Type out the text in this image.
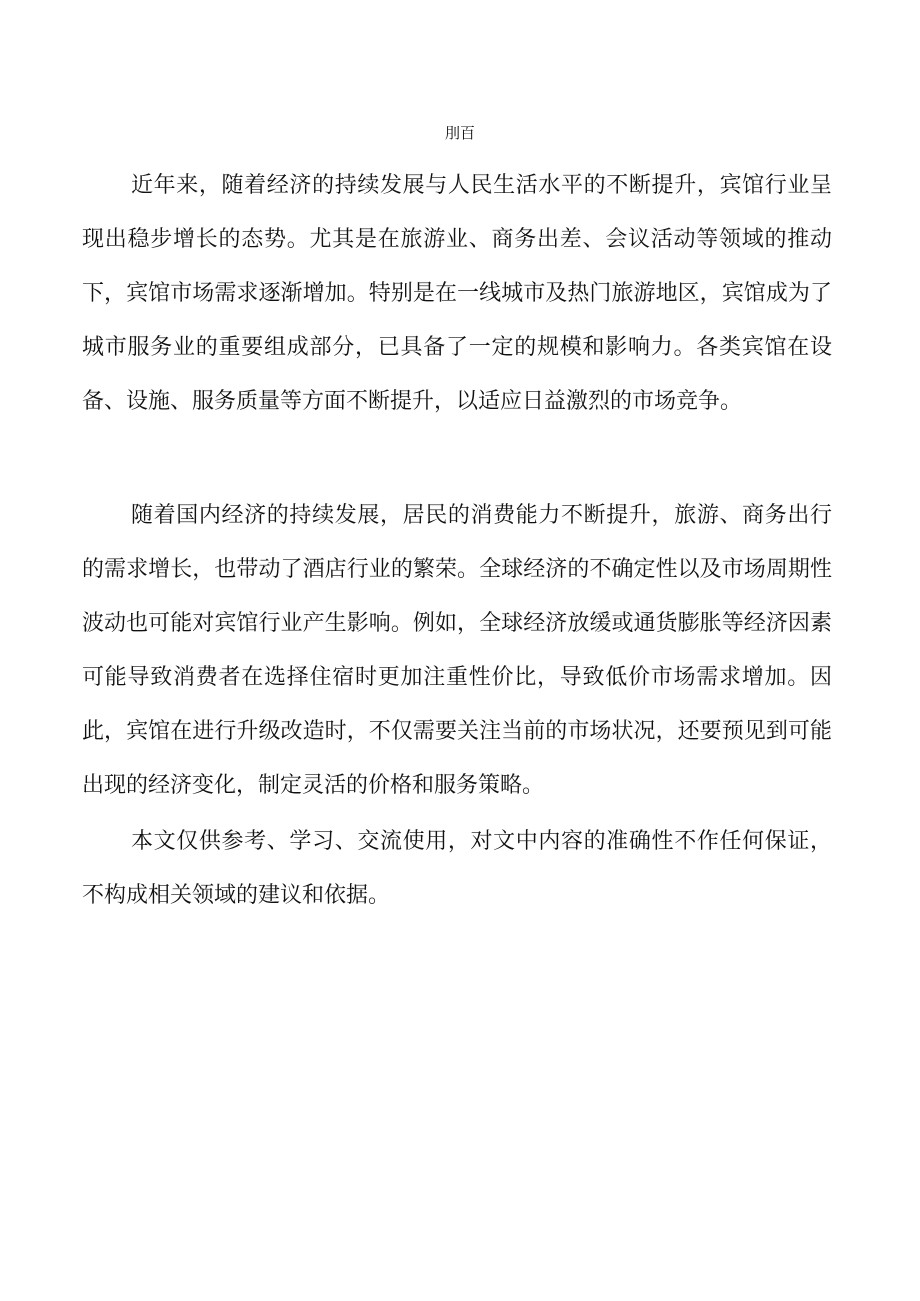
刖百

近年来，随着经济的持续发展与人民生活水平的不断提升，宾馆行业呈现出稳步增长的态势。尤其是在旅游业、商务出差、会议活动等领域的推动下，宾馆市场需求逐渐增加。特别是在一线城市及热门旅游地区，宾馆成为了城市服务业的重要组成部分，已具备了一定的规模和影响力。各类宾馆在设备、设施、服务质量等方面不断提升，以适应日益激烈的市场竞争。

随着国内经济的持续发展，居民的消费能力不断提升，旅游、商务出行的需求增长，也带动了酒店行业的繁荣。全球经济的不确定性以及市场周期性波动也可能对宾馆行业产生影响。例如，全球经济放缓或通货膨胀等经济因素可能导致消费者在选择住宿时更加注重性价比，导致低价市场需求增加。因此，宾馆在进行升级改造时，不仅需要关注当前的市场状况，还要预见到可能出现的经济变化，制定灵活的价格和服务策略。

本文仅供参考、学习、交流使用，对文中内容的准确性不作任何保证，不构成相关领域的建议和依据。
